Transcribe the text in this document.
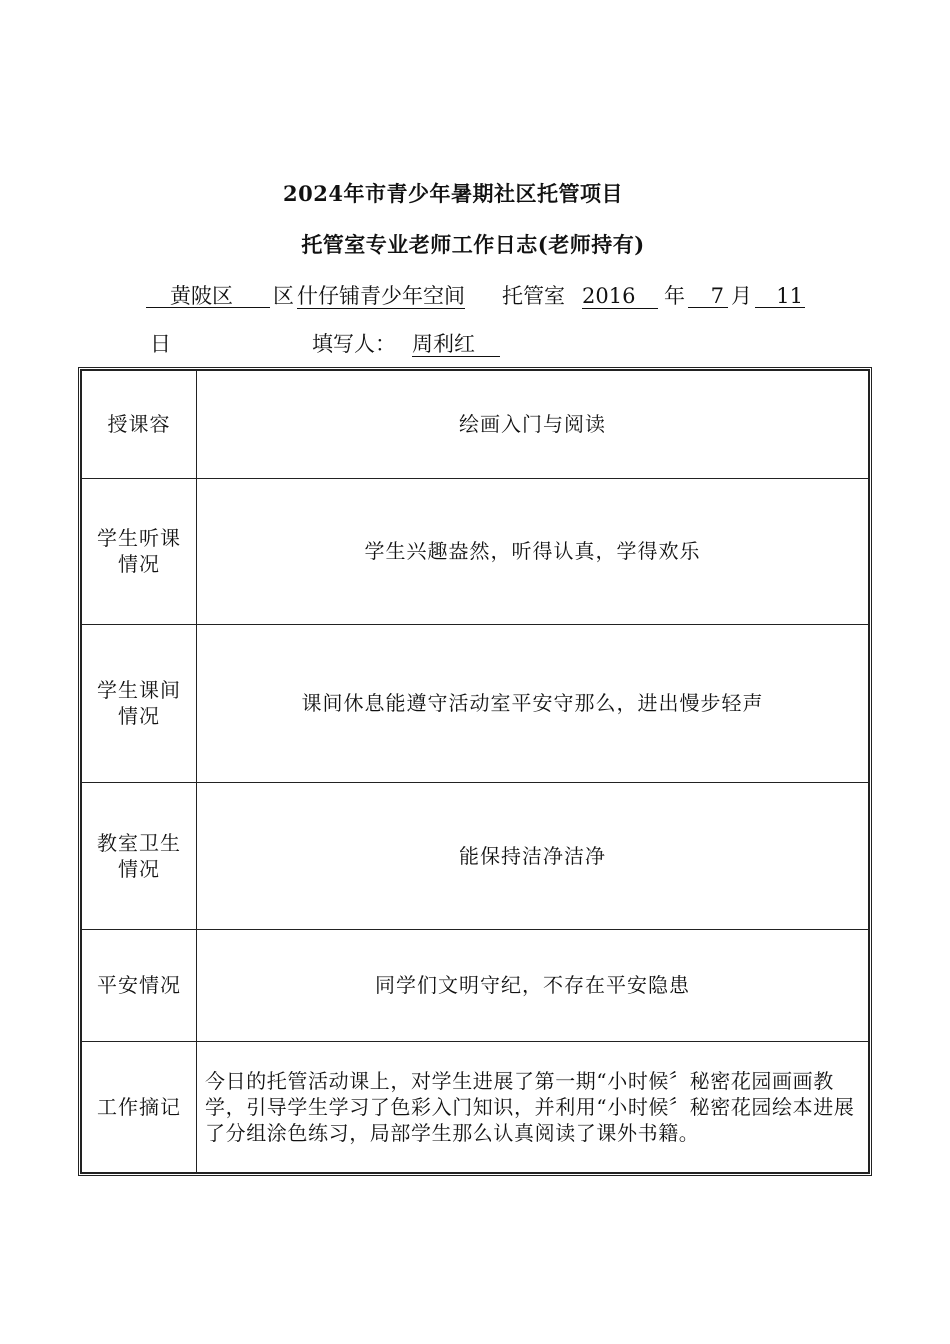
2024年市青少年暑期社区托管项目
托管室专业老师工作日志(老师持有)
黄陂区	区 什仔铺青少年空间 托管室 2016	年	7 月	11
日	填写人： 周利红
授课容	绘画入门与阅读
学生听课情况	学生兴趣盎然，听得认真，学得欢乐
学生课间情况	课间休息能遵守活动室平安守那么，进出慢步轻声
教室卫生情况	能保持洁净洁净
平安情况	同学们文明守纪，不存在平安隐患
工作摘记	今日的托管活动课上，对学生进展了第一期“小时候〞秘密花园画画教学，引导学生学习了色彩入门知识，并利用“小时候〞秘密花园绘本进展了分组涂色练习，局部学生那么认真阅读了课外书籍。
